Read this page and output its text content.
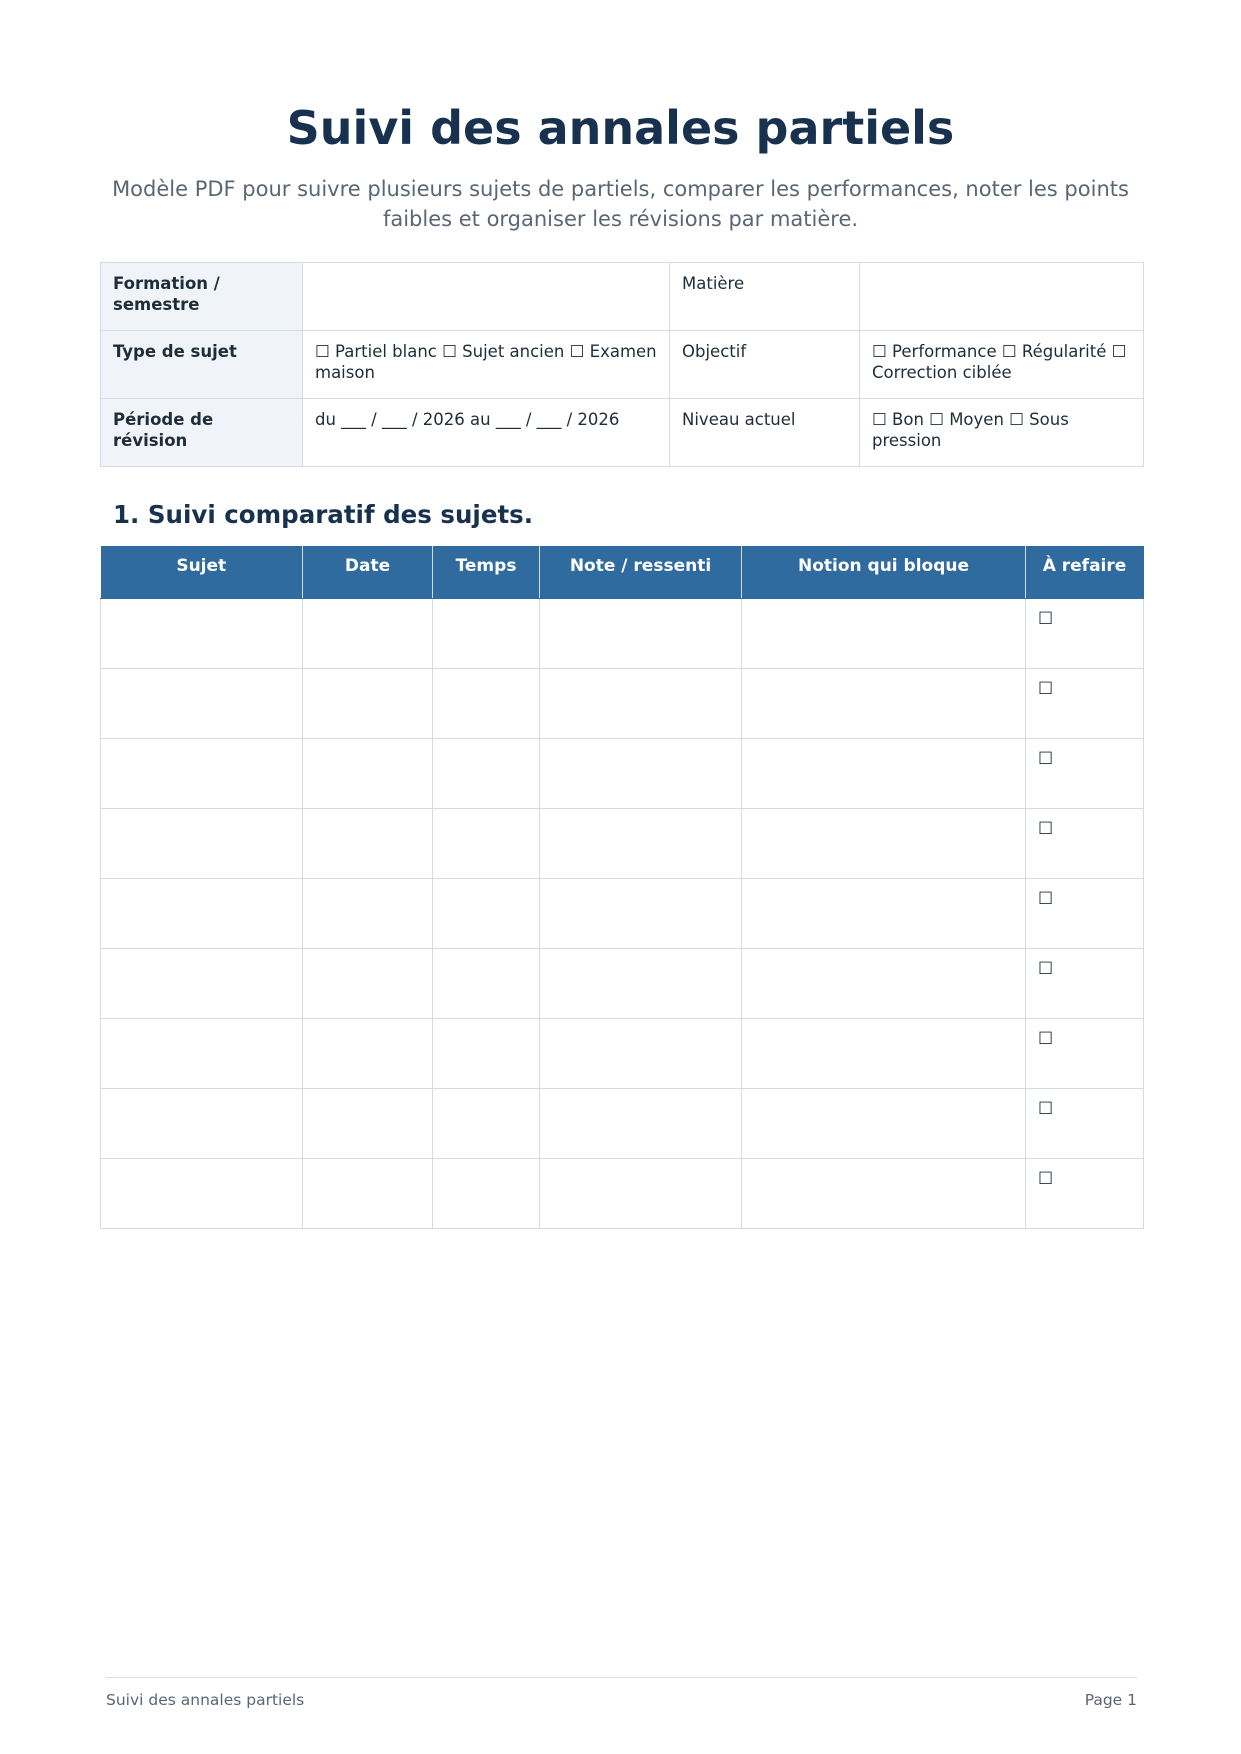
Suivi des annales partiels

Modèle PDF pour suivre plusieurs sujets de partiels, comparer les performances, noter les points faibles et organiser les révisions par matière.

Formation / semestre		Matière	
Type de sujet	☐ Partiel blanc ☐ Sujet ancien ☐ Examen maison	Objectif	☐ Performance ☐ Régularité ☐ Correction ciblée
Période de révision	du ___ / ___ / 2026 au ___ / ___ / 2026	Niveau actuel	☐ Bon ☐ Moyen ☐ Sous pression
1. Suivi comparatif des sujets.
Sujet	Date	Temps	Note / ressenti	Notion qui bloque	À refaire
					☐
					☐
					☐
					☐
					☐
					☐
					☐
					☐
					☐
Suivi des annales partiels	Page 1
